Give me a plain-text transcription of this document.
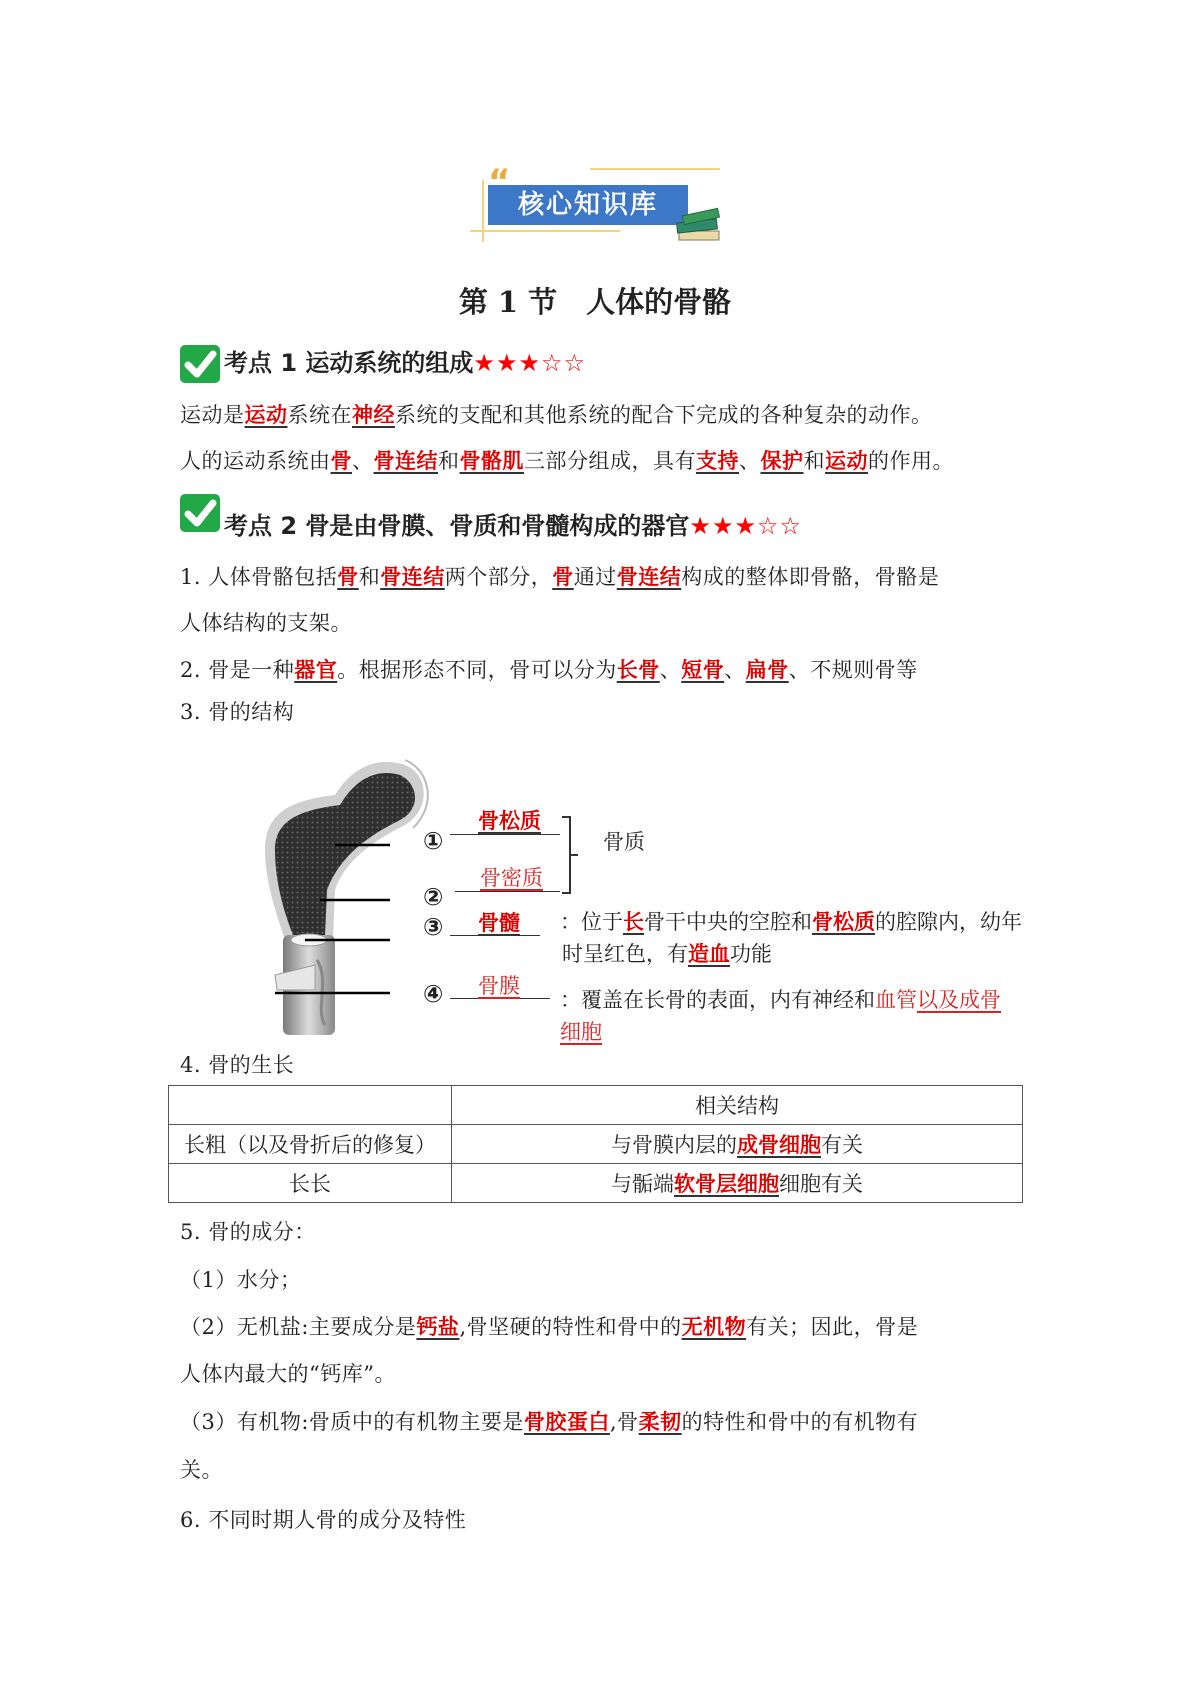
核心知识库
“
第 1 节　人体的骨骼
考点 1 运动系统的组成★★★☆☆
运动是运动系统在神经系统的支配和其他系统的配合下完成的各种复杂的动作。
人的运动系统由骨、骨连结和骨骼肌三部分组成，具有支持、保护和运动的作用。
考点 2 骨是由骨膜、骨质和骨髓构成的器官★★★☆☆
1. 人体骨骼包括骨和骨连结两个部分，骨通过骨连结构成的整体即骨骼，骨骼是
人体结构的支架。
2. 骨是一种器官。根据形态不同，骨可以分为长骨、短骨、扁骨、不规则骨等
3. 骨的结构
①
骨松质
②
骨密质
骨质
③ 骨髓 ：位于长骨干中央的空腔和骨松质的腔隙内，幼年
时呈红色，有造血功能
④ 骨膜
：覆盖在长骨的表面，内有神经和血管以及成骨
细胞
4. 骨的生长
	相关结构
长粗（以及骨折后的修复）	与骨膜内层的成骨细胞有关
长长	与骺端软骨层细胞细胞有关
5. 骨的成分：
（1）水分；
（2）无机盐:主要成分是钙盐,骨坚硬的特性和骨中的无机物有关；因此，骨是
人体内最大的“钙库”。
（3）有机物:骨质中的有机物主要是骨胶蛋白,骨柔韧的特性和骨中的有机物有
关。
6. 不同时期人骨的成分及特性
